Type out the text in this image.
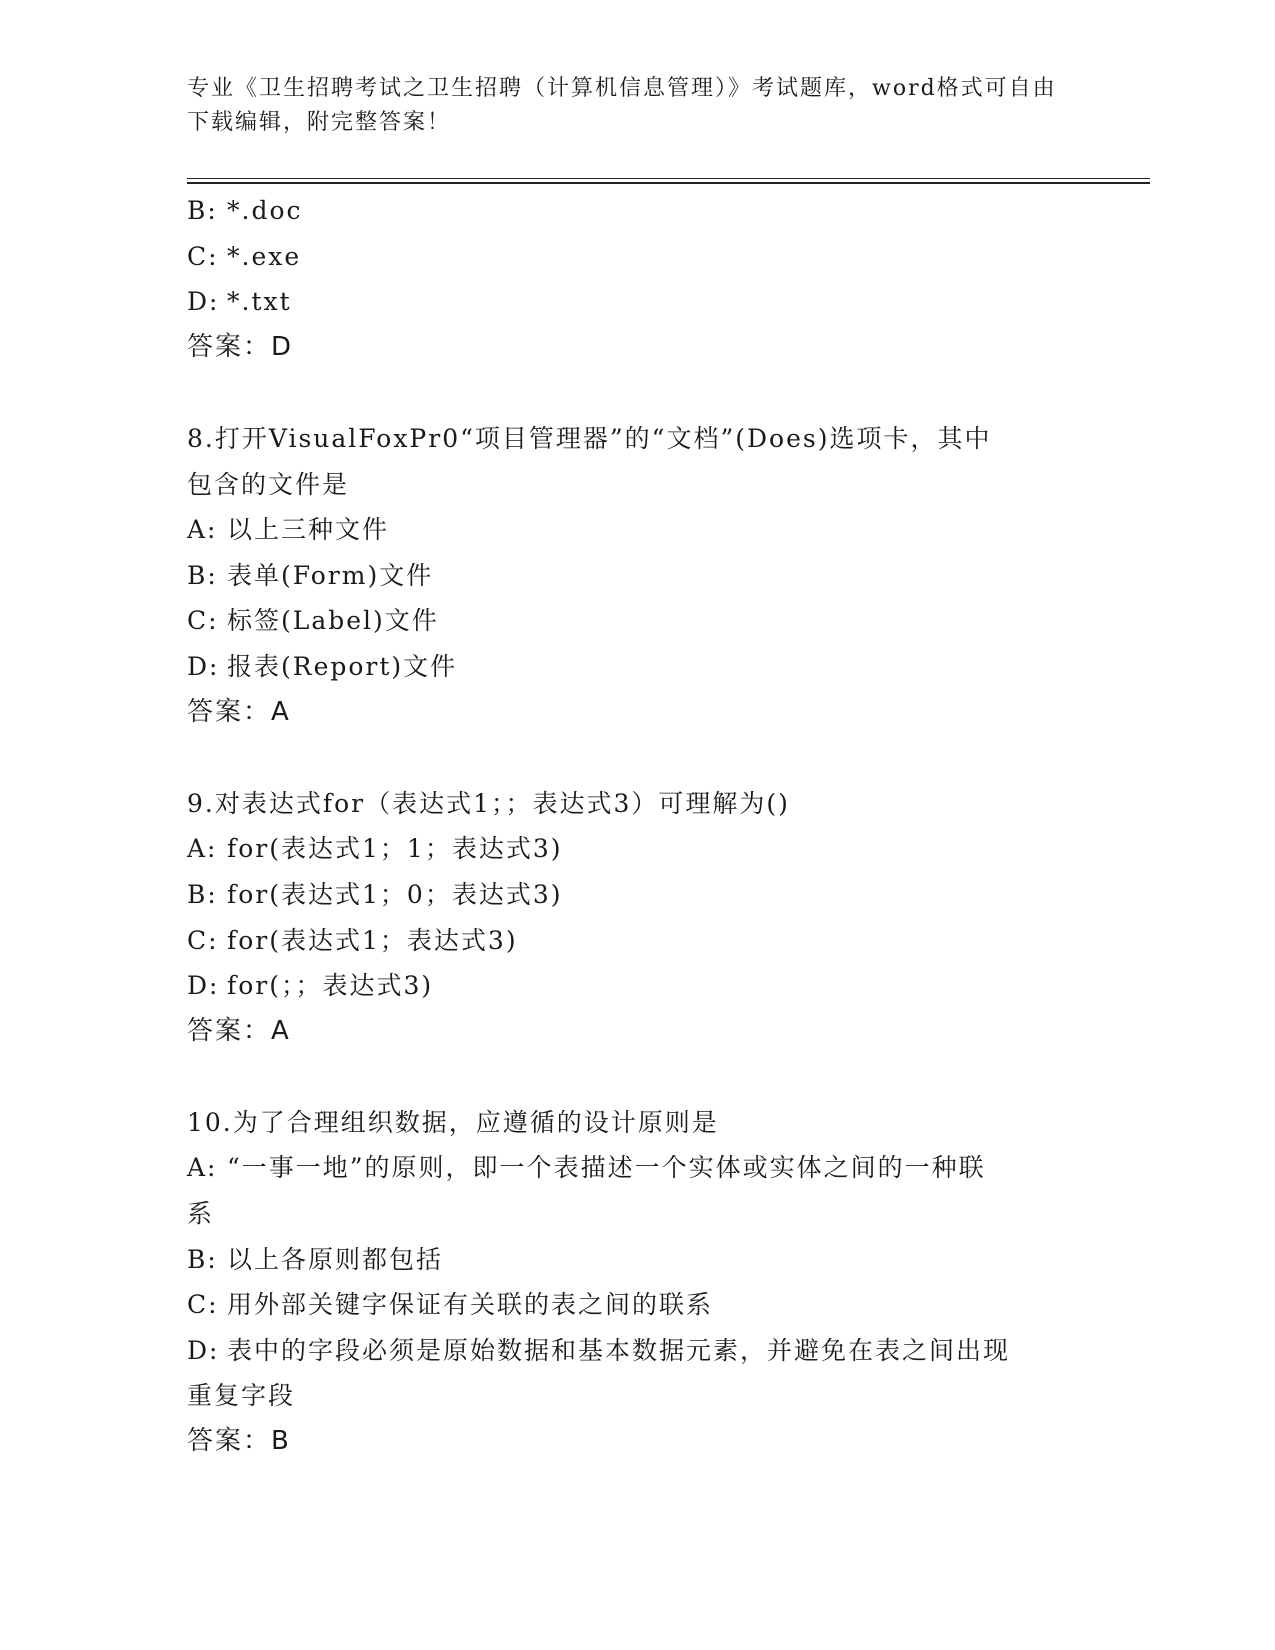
专业《卫生招聘考试之卫生招聘（计算机信息管理）》考试题库，word格式可自由下载编辑，附完整答案！

B: *.doc

C: *.exe

D: *.txt

答案：D

8.打开VisualFoxPr0“项目管理器”的“文档”(Does)选项卡，其中

包含的文件是

A: 以上三种文件

B: 表单(Form)文件

C: 标签(Label)文件

D: 报表(Report)文件

答案：A

9.对表达式for（表达式1；；表达式3）可理解为()

A: for(表达式1；1；表达式3)

B: for(表达式1；0；表达式3)

C: for(表达式1；表达式3)

D: for(；；表达式3)

答案：A

10.为了合理组织数据，应遵循的设计原则是

A: “一事一地”的原则，即一个表描述一个实体或实体之间的一种联

系

B: 以上各原则都包括

C: 用外部关键字保证有关联的表之间的联系

D: 表中的字段必须是原始数据和基本数据元素，并避免在表之间出现

重复字段

答案：B
